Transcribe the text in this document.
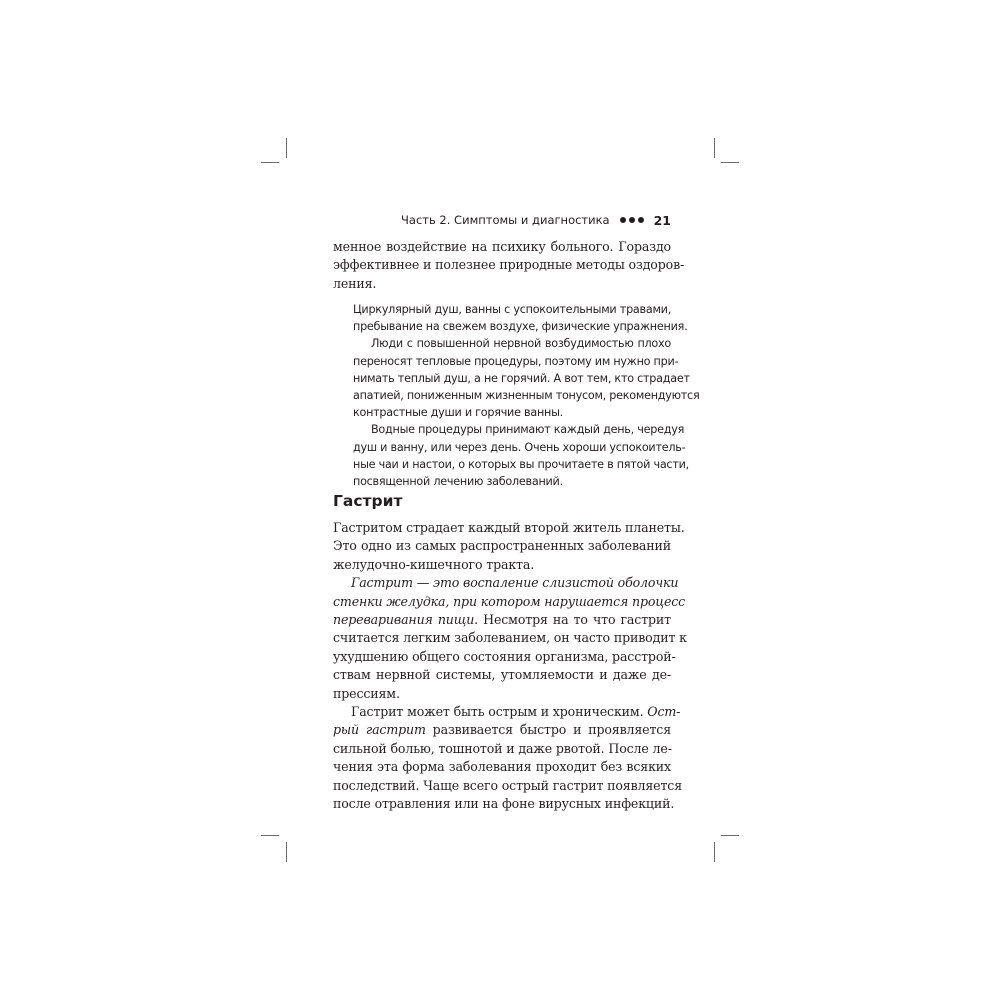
Часть 2. Симптомы и диагностика	21
менное воздействие на психику больного. Гораздо
эффективнее и полезнее природные методы оздоров-
ления.
Циркулярный душ, ванны с успокоительными травами,
пребывание на свежем воздухе, физические упражнения.
Люди с повышенной нервной возбудимостью плохо
переносят тепловые процедуры, поэтому им нужно при-
нимать теплый душ, а не горячий. А вот тем, кто страдает
апатией, пониженным жизненным тонусом, рекомендуются
контрастные души и горячие ванны.
Водные процедуры принимают каждый день, чередуя
душ и ванну, или через день. Очень хороши успокоитель-
ные чаи и настои, о которых вы прочитаете в пятой части,
посвященной лечению заболеваний.
Гастрит
Гастритом страдает каждый второй житель планеты.
Это одно из самых распространенных заболеваний
желудочно-кишечного тракта.
Гастрит — это воспаление слизистой оболочки
стенки желудка, при котором нарушается процесс
переваривания пищи. Несмотря на то что гастрит
считается легким заболеванием, он часто приводит к
ухудшению общего состояния организма, расстрой-
ствам нервной системы, утомляемости и даже де-
прессиям.
Гастрит может быть острым и хроническим. Ост-
рый гастрит развивается быстро и проявляется
сильной болью, тошнотой и даже рвотой. После ле-
чения эта форма заболевания проходит без всяких
последствий. Чаще всего острый гастрит появляется
после отравления или на фоне вирусных инфекций.
